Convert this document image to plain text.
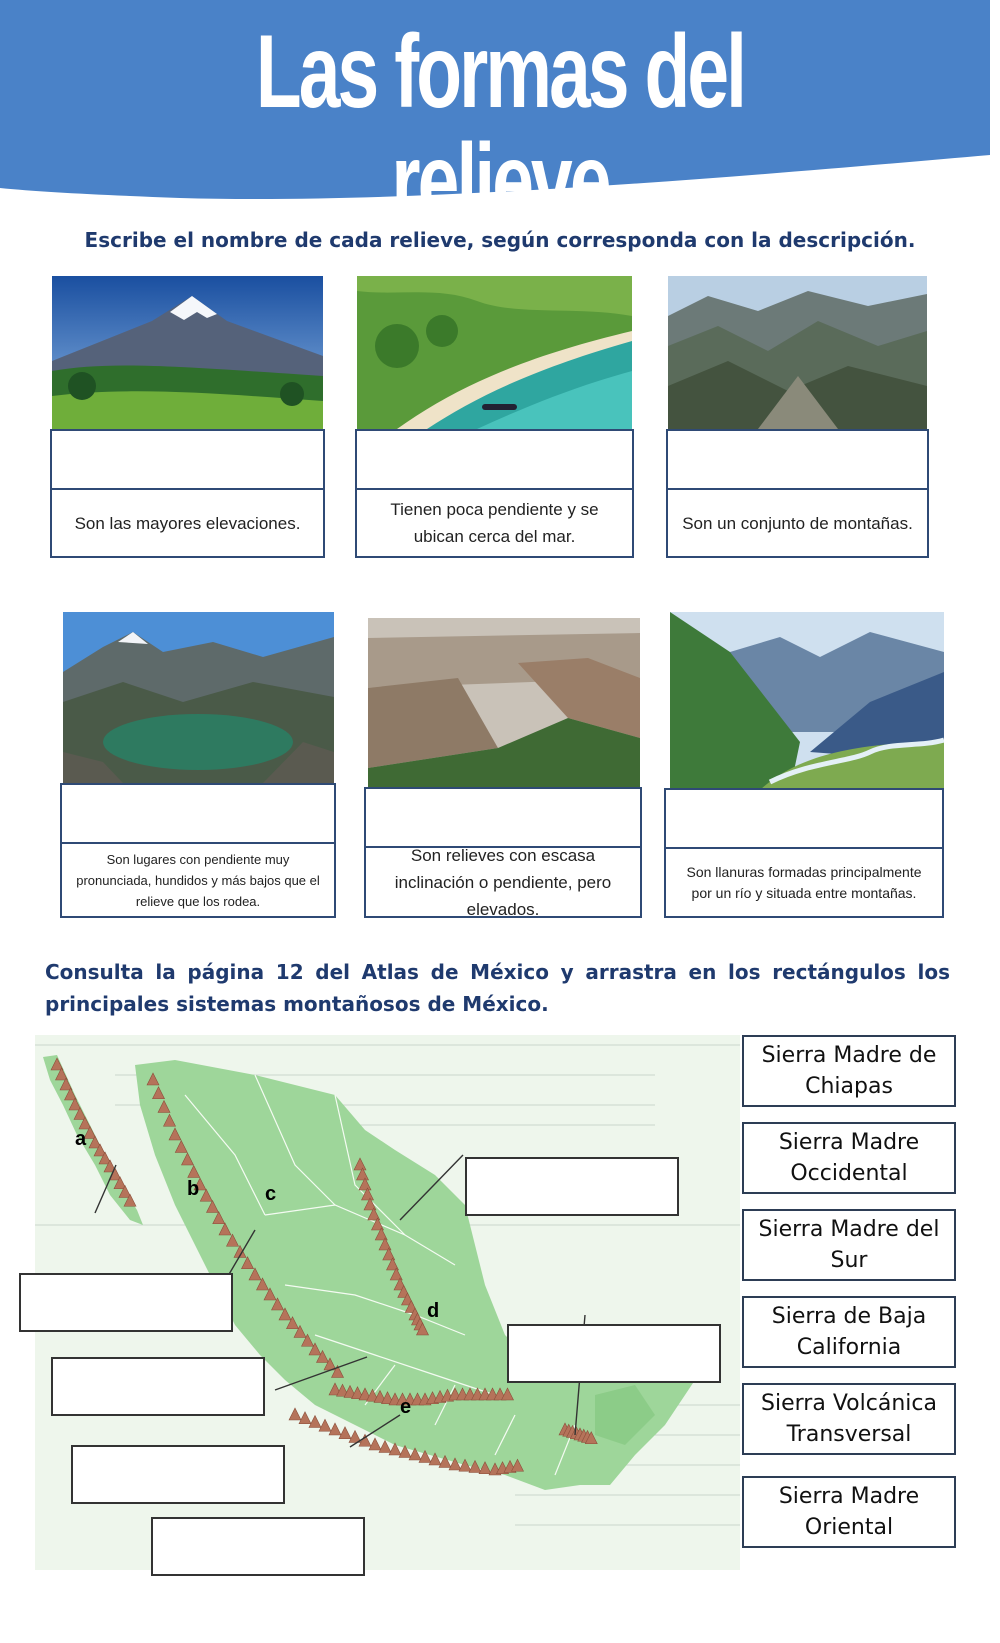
Las formas del relieve
Escribe el nombre de cada relieve, según corresponda con la descripción.
Son las mayores elevaciones.
Tienen poca pendiente y se ubican cerca del mar.
Son un conjunto de montañas.
Son lugares con pendiente muy pronunciada, hundidos y más bajos que el relieve que los rodea.
Son relieves con escasa inclinación o pendiente, pero elevados.
Son llanuras formadas principalmente por un río y situada entre montañas.
Consulta la página 12 del Atlas de México y arrastra en los rectángulos los principales sistemas montañosos de México.
a
b	c
d
e
Sierra Madre de Chiapas
Sierra Madre Occidental
Sierra Madre del Sur
Sierra de Baja California
Sierra Volcánica Transversal
Sierra Madre Oriental
